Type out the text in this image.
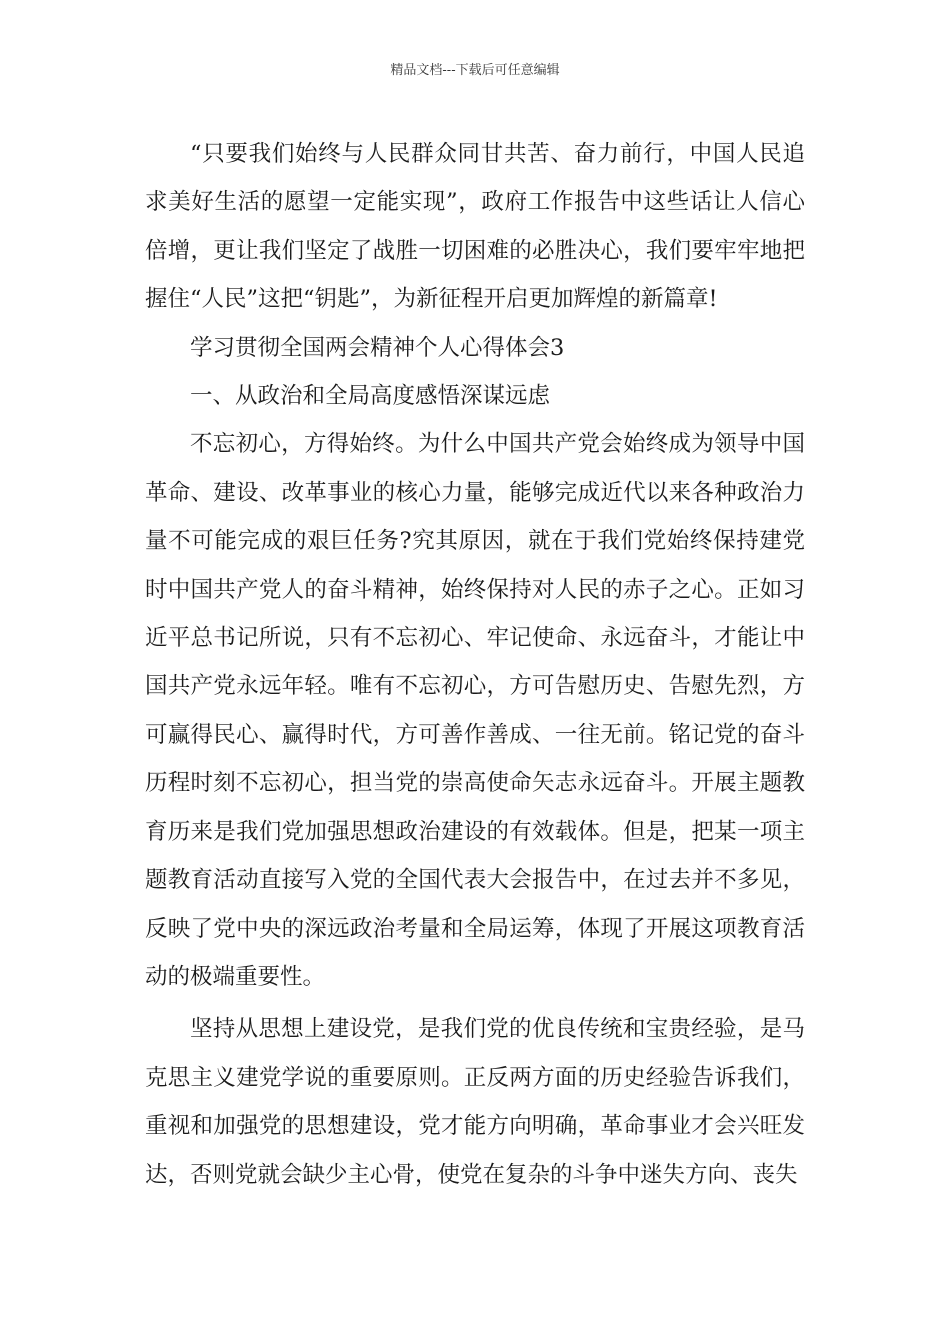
精品文档---下载后可任意编辑

“只要我们始终与人民群众同甘共苦、奋力前行，中国人民追求美好生活的愿望一定能实现”，政府工作报告中这些话让人信心倍增，更让我们坚定了战胜一切困难的必胜决心，我们要牢牢地把握住“人民”这把“钥匙”，为新征程开启更加辉煌的新篇章!

学习贯彻全国两会精神个人心得体会3

一、从政治和全局高度感悟深谋远虑

不忘初心，方得始终。为什么中国共产党会始终成为领导中国革命、建设、改革事业的核心力量，能够完成近代以来各种政治力量不可能完成的艰巨任务?究其原因，就在于我们党始终保持建党时中国共产党人的奋斗精神，始终保持对人民的赤子之心。正如习近平总书记所说，只有不忘初心、牢记使命、永远奋斗，才能让中国共产党永远年轻。唯有不忘初心，方可告慰历史、告慰先烈，方可赢得民心、赢得时代，方可善作善成、一往无前。铭记党的奋斗历程时刻不忘初心，担当党的崇高使命矢志永远奋斗。开展主题教育历来是我们党加强思想政治建设的有效载体。但是，把某一项主题教育活动直接写入党的全国代表大会报告中，在过去并不多见，反映了党中央的深远政治考量和全局运筹，体现了开展这项教育活动的极端重要性。

坚持从思想上建设党，是我们党的优良传统和宝贵经验，是马克思主义建党学说的重要原则。正反两方面的历史经验告诉我们，重视和加强党的思想建设，党才能方向明确，革命事业才会兴旺发达，否则党就会缺少主心骨，使党在复杂的斗争中迷失方向、丧失
